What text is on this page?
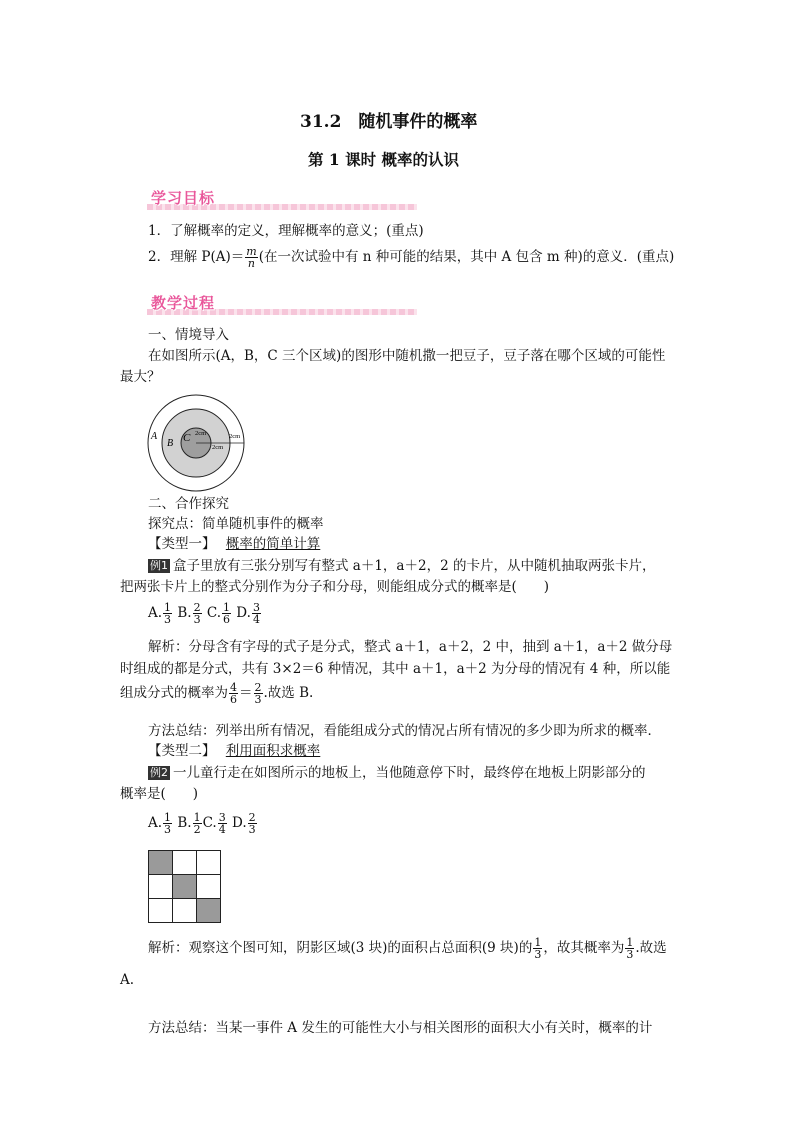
31.2　随机事件的概率
第 1 课时 概率的认识
学习目标
1．了解概率的定义，理解概率的意义；(重点)
2．理解 $P(A)= \frac{m}{n}$ (在一次试验中有 n 种可能的结果，其中 A 包含 m 种)的意义．(重点)
教学过程
一、情境导入
在如图所示(A，B，C 三个区域)的图形中随机撒一把豆子，豆子落在哪个区域的可能性
最大？
A
B C 2cm	2cm
2cm
二、合作探究
探究点：简单随机事件的概率
【类型一】 概率的简单计算
例1 盒子里放有三张分别写有整式 a＋1，a＋2，2 的卡片，从中随机抽取两张卡片，
把两张卡片上的整式分别作为分子和分母，则能组成分式的概率是(　　)
A. $\frac{1}{3} B$. $\frac{2}{3} C$. $\frac{1}{6} D$. $\frac{3}{4}$
解析：分母含有字母的式子是分式，整式 a＋1，a＋2，2 中，抽到 a＋1，a＋2 做分母
时组成的都是分式，共有 3×2＝6 种情况，其中 a＋1，a＋2 为分母的情况有 4 种，所以能
组成分式的概率为 $\frac{4}{6} = \frac{2}{3}$ .故选 B.
方法总结：列举出所有情况，看能组成分式的情况占所有情况的多少即为所求的概率．
【类型二】 利用面积求概率
例2 一儿童行走在如图所示的地板上，当他随意停下时，最终停在地板上阴影部分的
概率是(　　)
A. $\frac{1}{3} B$. $\frac{1}{2} C$. $\frac{3}{4} D$. $\frac{2}{3}$
解析：观察这个图可知，阴影区域(3 块)的面积占总面积(9 块)的 $\frac{1}{3}$ ，故其概率为 $\frac{1}{3}$ .故选
A.
方法总结：当某一事件 A 发生的可能性大小与相关图形的面积大小有关时，概率的计
